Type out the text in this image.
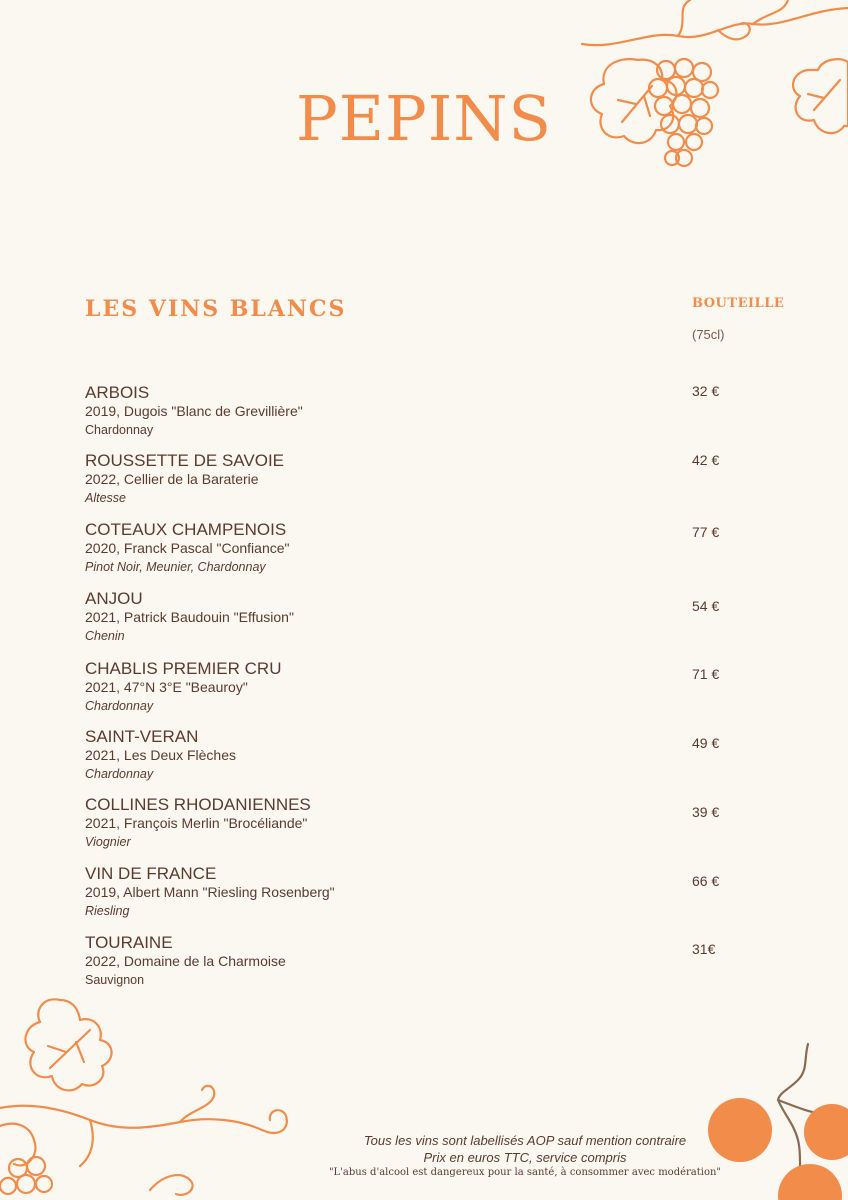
PEPINS
LES VINS BLANCS	BOUTEILLE
(75cl)
ARBOIS
2019, Dugois "Blanc de Grevillière"
Chardonnay
32 €
ROUSSETTE DE SAVOIE
2022, Cellier de la Baraterie
Altesse
42 €
COTEAUX CHAMPENOIS
2020, Franck Pascal "Confiance"
Pinot Noir, Meunier, Chardonnay
77 €
ANJOU
2021, Patrick Baudouin "Effusion"
Chenin
54 €
CHABLIS PREMIER CRU
2021, 47°N 3°E "Beauroy"
Chardonnay
71 €
SAINT-VERAN
2021, Les Deux Flèches
Chardonnay
49 €
COLLINES RHODANIENNES
2021, François Merlin "Brocéliande"
Viognier
39 €
VIN DE FRANCE
2019, Albert Mann "Riesling Rosenberg"
Riesling
66 €
TOURAINE
2022, Domaine de la Charmoise
Sauvignon
31€
Tous les vins sont labellisés AOP sauf mention contraire
Prix en euros TTC, service compris
"L'abus d'alcool est dangereux pour la santé, à consommer avec modération"
